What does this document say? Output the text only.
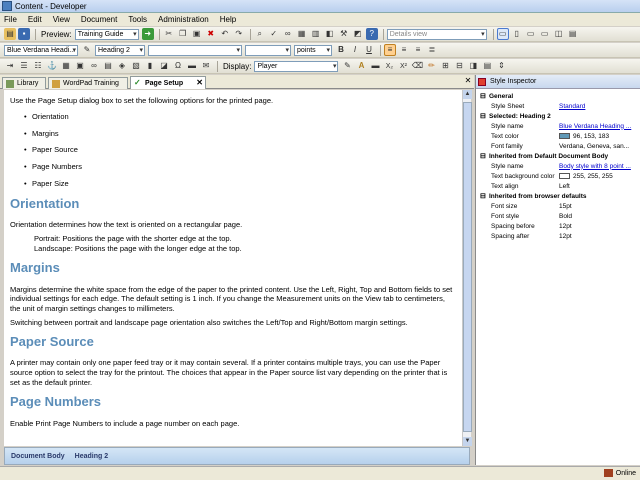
Content - Developer
File Edit View Document Tools Administration Help
▤	▪	Preview: Training Guide ▾	➜	✂ ❐ ▣ ✖ ↶ ↷	⌕	✓ ∞ ▦ ▥ ◧ ⚒ ◩ ?	Details view ▾	▭	▯	▭ ▭ ◫ ▤
Blue Verdana Headi... ▾	✎	Heading 2 ▾ ▾ ▾	points ▾	B	I	U	≡	≡	≡	≣
⇥ ☰ ☷ ⚓ ▦ ▣ ∞ ▤ ◈ ▧	▮	◪ Ω ▬ ✉	Display: Player ▾	✎ A ▬ X₂ X² ⌫ ✏ ⊞ ⊟ ◨ ▤ ⇕
Library	WordPad Training ✓ Page Setup ✕	✕

Use the Page Setup dialog box to set the following options for the printed page.

• Orientation
• Margins
• Paper Source
• Page Numbers
• Paper Size
Orientation

Orientation determines how the text is oriented on a rectangular page.

Portrait: Positions the page with the shorter edge at the top.

Landscape: Positions the page with the longer edge at the top.

Margins

Margins determine the white space from the edge of the paper to the printed content. Use the Left, Right, Top and Bottom fields to set individual settings for each edge. The default setting is 1 inch. If you change the Measurement units on the View tab to centimeters, the unit of margin settings changes to millimeters.

Switching between portrait and landscape page orientation also switches the Left/Top and Right/Bottom margin settings.

Paper Source

A printer may contain only one paper feed tray or it may contain several. If a printer contains multiple trays, you can use the Paper source option to select the tray for the printout. The choices that appear in the Paper source list vary depending on the printer that is set as the default printer.

Page Numbers

Enable Print Page Numbers to include a page number on each page.

▲
▼
Document Body Heading 2
Style Inspector
⊟ General
Style Sheet	Standard
⊟ Selected: Heading 2
Style name	Blue Verdana Heading ...
Text color	96, 153, 183
Font family	Verdana, Geneva, san...
⊟ Inherited from Default Document Body
Style name	Body style with 8 point ...
Text background color	255, 255, 255
Text align	Left
⊟ Inherited from browser defaults
Font size	15pt
Font style	Bold
Spacing before	12pt
Spacing after	12pt
Online
